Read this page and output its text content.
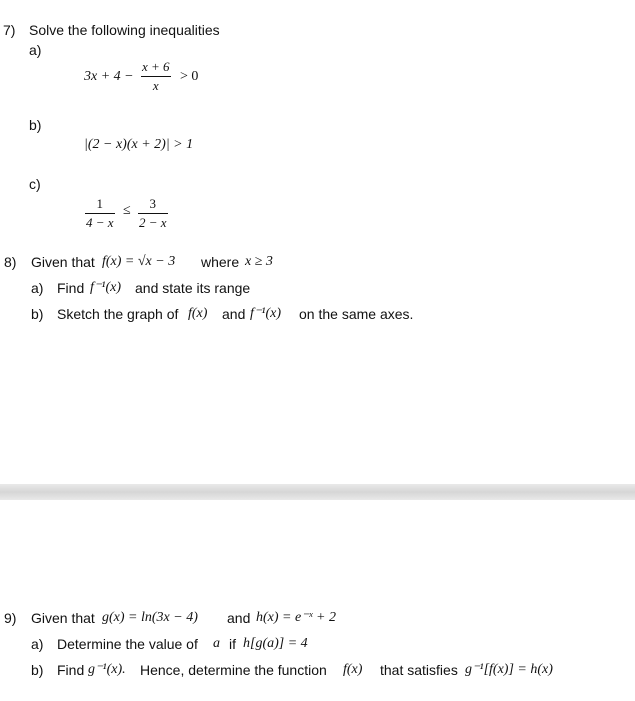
7) Solve the following inequalities
a)
3x + 4 −
x + 6
x
> 0
b)
|(2 − x)(x + 2)| > 1
c)
1
4 − x
≤ 3
2 − x
8) Given that f(x) = √x − 3 where x ≥ 3
a) Find f⁻¹(x) and state its range
b) Sketch the graph of f(x) and f⁻¹(x) on the same axes.
9) Given that g(x) = ln(3x − 4) and h(x) = e⁻ˣ + 2
a) Determine the value of a if h[g(a)] = 4
b) Find g⁻¹(x). Hence, determine the function f(x) that satisfies g⁻¹[f(x)] = h(x)
